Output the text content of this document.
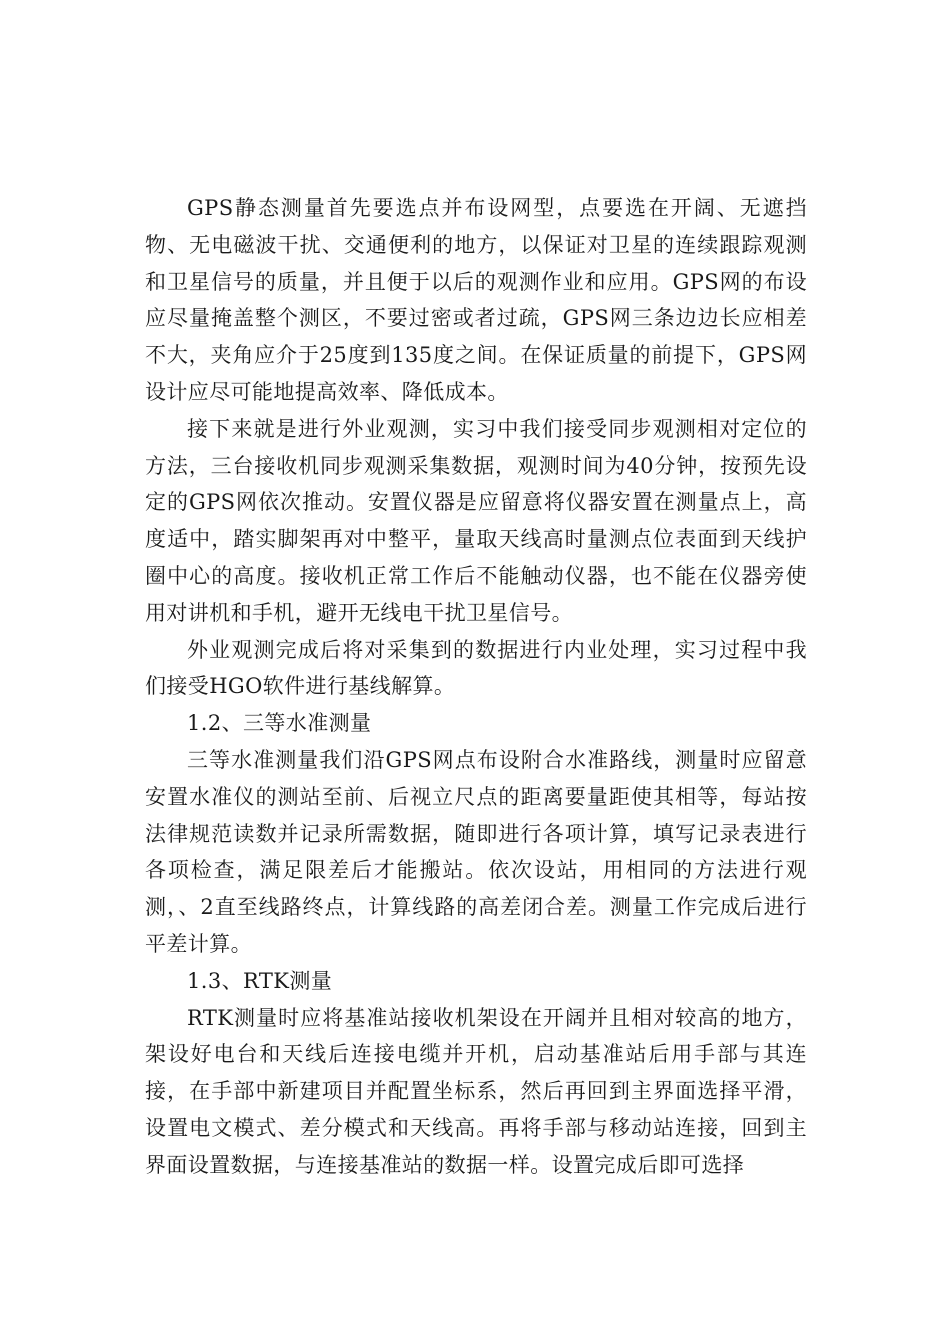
GPS静态测量首先要选点并布设网型，点要选在开阔、无遮挡物、无电磁波干扰、交通便利的地方，以保证对卫星的连续跟踪观测和卫星信号的质量，并且便于以后的观测作业和应用。GPS网的布设应尽量掩盖整个测区，不要过密或者过疏，GPS网三条边边长应相差不大，夹角应介于25度到135度之间。在保证质量的前提下，GPS网设计应尽可能地提高效率、降低成本。

接下来就是进行外业观测，实习中我们接受同步观测相对定位的方法，三台接收机同步观测采集数据，观测时间为40分钟，按预先设定的GPS网依次推动。安置仪器是应留意将仪器安置在测量点上，高度适中，踏实脚架再对中整平，量取天线高时量测点位表面到天线护圈中心的高度。接收机正常工作后不能触动仪器，也不能在仪器旁使用对讲机和手机，避开无线电干扰卫星信号。

外业观测完成后将对采集到的数据进行内业处理，实习过程中我们接受HGO软件进行基线解算。

1.2、三等水准测量

三等水准测量我们沿GPS网点布设附合水准路线，测量时应留意安置水准仪的测站至前、后视立尺点的距离要量距使其相等，每站按法律规范读数并记录所需数据，随即进行各项计算，填写记录表进行各项检查，满足限差后才能搬站。依次设站，用相同的方法进行观测，、2直至线路终点，计算线路的高差闭合差。测量工作完成后进行平差计算。

1.3、RTK测量

RTK测量时应将基准站接收机架设在开阔并且相对较高的地方，架设好电台和天线后连接电缆并开机，启动基准站后用手部与其连接，在手部中新建项目并配置坐标系，然后再回到主界面选择平滑，设置电文模式、差分模式和天线高。再将手部与移动站连接，回到主界面设置数据，与连接基准站的数据一样。设置完成后即可选择
